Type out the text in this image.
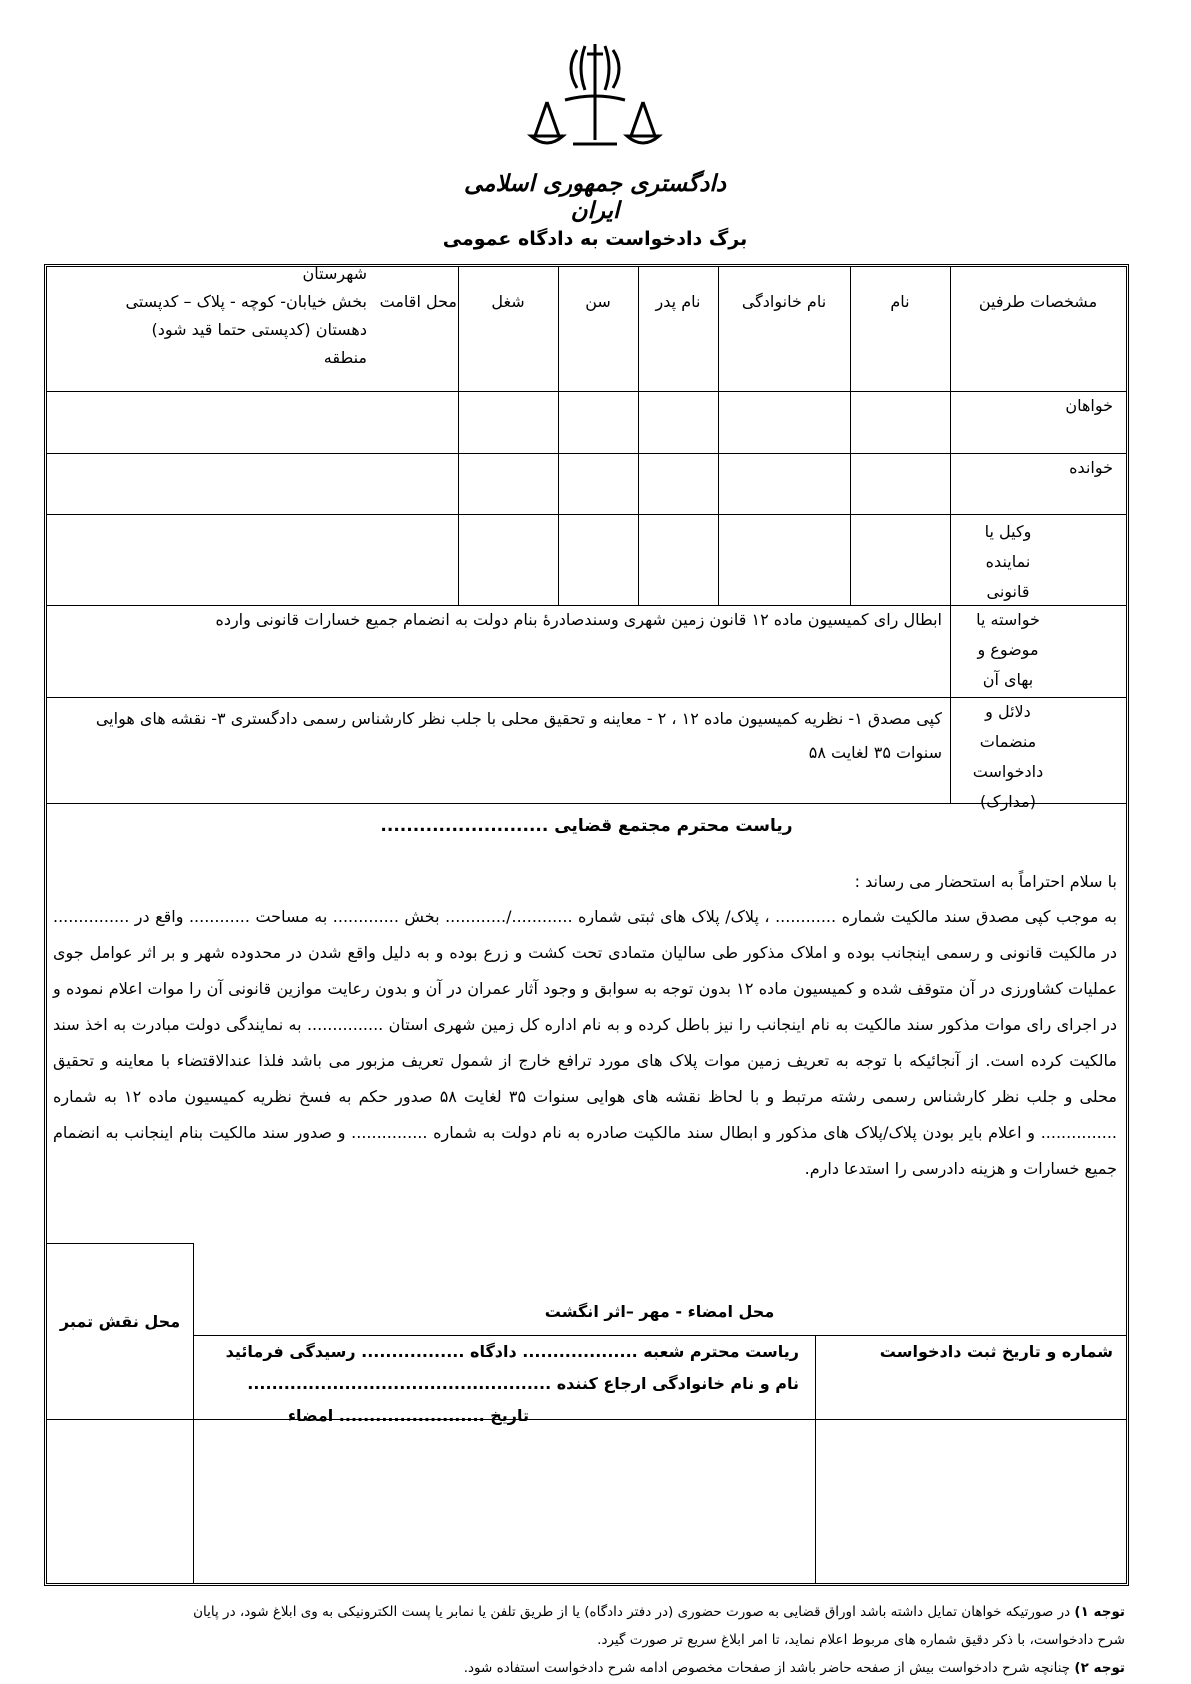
دادگستری جمهوری اسلامی ایران
برگ دادخواست به دادگاه عمومی
مشخصات طرفین
نام
نام خانوادگی
نام پدر
سن
شغل
محل اقامت
شهرستان
بخش خیابان- کوچه - پلاک – کدپستی
دهستان (کدپستی حتما قید شود)
منطقه
خواهان
خوانده
وکیل یا نماینده قانونی
خواسته یا موضوع و بهای آن
ابطال رای کمیسیون ماده ۱۲ قانون زمین شهری وسندصادرهٔ بنام دولت به انضمام جمیع خسارات قانونی وارده
دلائل و منضمات دادخواست (مدارک)
کپی مصدق ۱- نظریه کمیسیون ماده ۱۲ ، ۲ - معاینه و تحقیق محلی با جلب نظر کارشناس رسمی دادگستری ۳- نقشه های هوایی سنوات ۳۵ لغایت ۵۸
ریاست محترم مجتمع قضایی ..........................
با سلام احتراماً به استحضار می رساند :
به موجب کپی مصدق سند مالکیت شماره ............ ، پلاک/ پلاک های ثبتی شماره ............/............ بخش ............. به مساحت ............ واقع در ............... در مالکیت قانونی و رسمی اینجانب بوده و املاک مذکور طی سالیان متمادی تحت کشت و زرع بوده و به دلیل واقع شدن در محدوده شهر و بر اثر عوامل جوی عملیات کشاورزی در آن متوقف شده و کمیسیون ماده ۱۲ بدون توجه به سوابق و وجود آثار عمران در آن و بدون رعایت موازین قانونی آن را موات اعلام نموده و در اجرای رای موات مذکور سند مالکیت به نام اینجانب را نیز باطل کرده و به نام اداره کل زمین شهری استان ............... به نمایندگی دولت مبادرت به اخذ سند مالکیت کرده است. از آنجائیکه با توجه به تعریف زمین موات پلاک های مورد ترافع خارج از شمول تعریف مزبور می باشد فلذا عندالاقتضاء با معاینه و تحقیق محلی و جلب نظر کارشناس رسمی رشته مرتبط و با لحاظ نقشه های هوایی سنوات ۳۵ لغایت ۵۸ صدور حکم به فسخ نظریه کمیسیون ماده ۱۲ به شماره ............... و اعلام بایر بودن پلاک/پلاک های مذکور و ابطال سند مالکیت صادره به نام دولت به شماره ............... و صدور سند مالکیت بنام اینجانب به انضمام جمیع خسارات و هزینه دادرسی را استدعا دارم.
محل امضاء - مهر –اثر انگشت
محل نقش تمبر
شماره و تاریخ ثبت دادخواست
ریاست محترم شعبه ................... دادگاه ................. رسیدگی فرمائید
نام و نام خانوادگی ارجاع کننده ..................................................
تاریخ ........................ امضاء
توجه ۱) در صورتیکه خواهان تمایل داشته باشد اوراق قضایی به صورت حضوری (در دفتر دادگاه) یا از طریق تلفن یا نمابر یا پست الکترونیکی به وی ابلاغ شود، در پایان
شرح دادخواست، با ذکر دقیق شماره های مربوط اعلام نماید، تا امر ابلاغ سریع تر صورت گیرد.
توجه ۲) چنانچه شرح دادخواست بیش از صفحه حاضر باشد از صفحات مخصوص ادامه شرح دادخواست استفاده شود.
